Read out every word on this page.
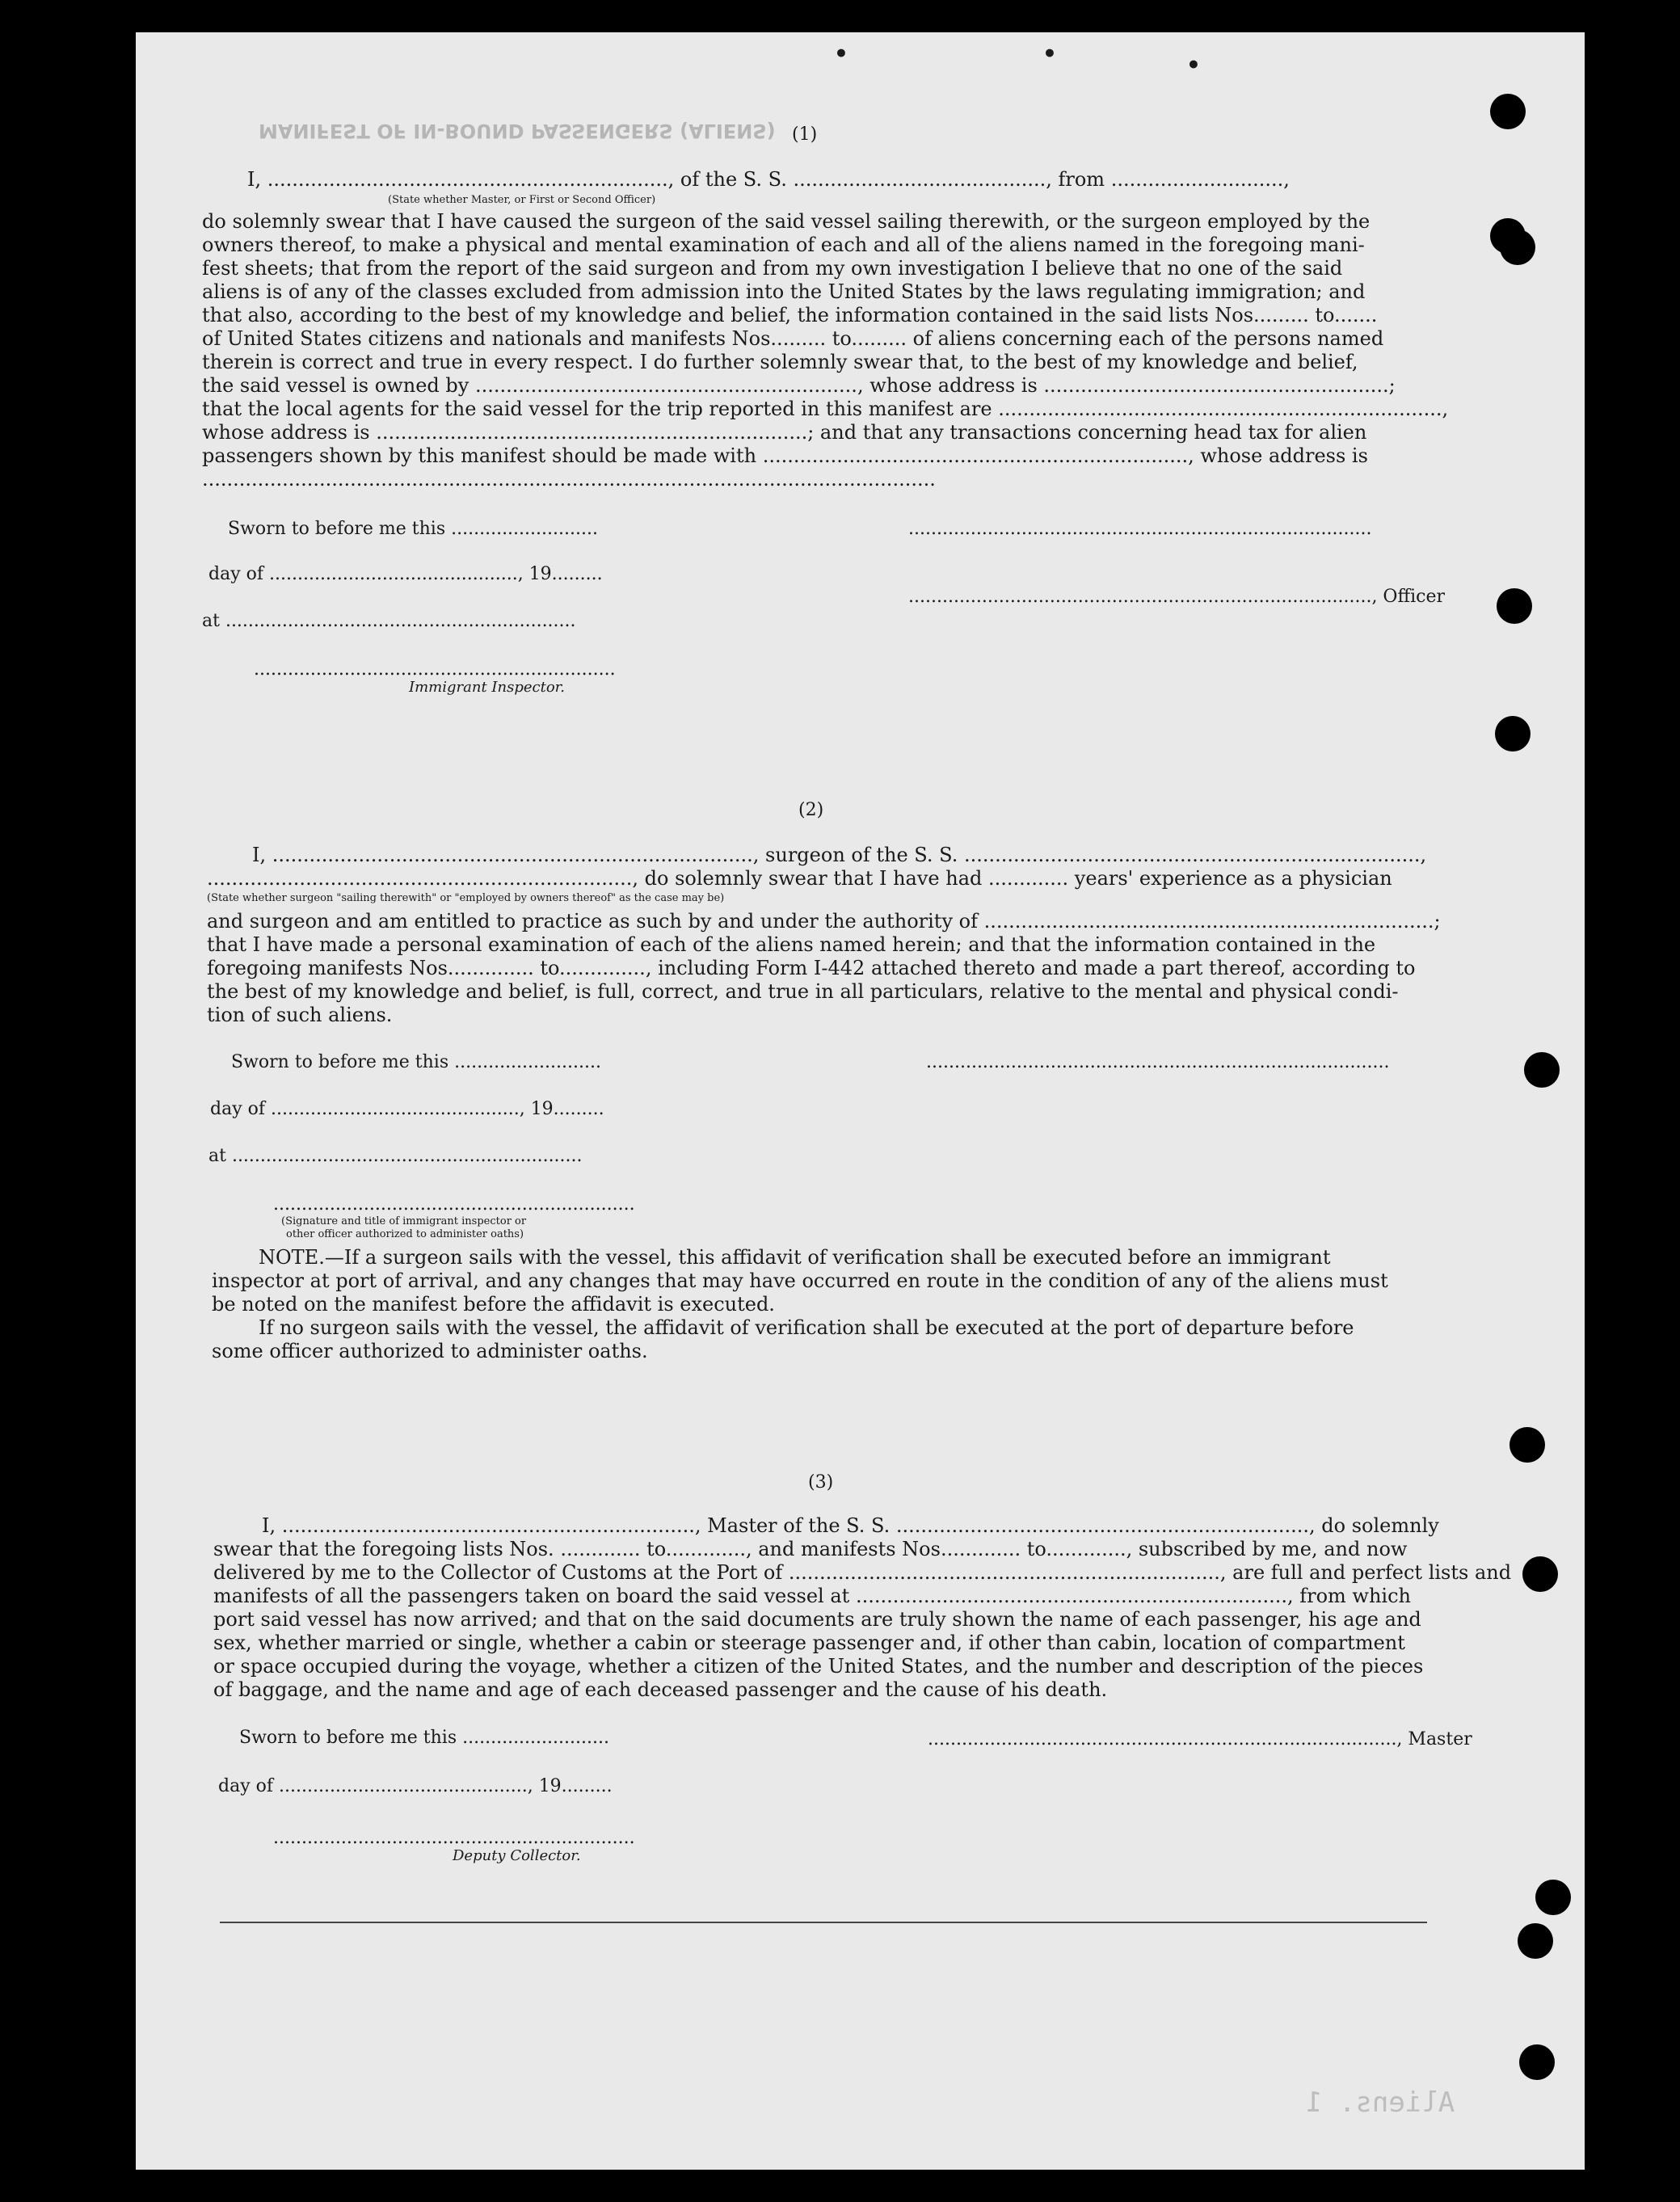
MANIFEST OF IN-BOUND PASSENGERS (ALIENS)
•	•	•
(1)
I, ................................................................., of the S. S. ........................................., from ............................,
(State whether Master, or First or Second Officer)
do solemnly swear that I have caused the surgeon of the said vessel sailing therewith, or the surgeon employed by the
owners thereof, to make a physical and mental examination of each and all of the aliens named in the foregoing mani-
fest sheets; that from the report of the said surgeon and from my own investigation I believe that no one of the said
aliens is of any of the classes excluded from admission into the United States by the laws regulating immigration; and
that also, according to the best of my knowledge and belief, the information contained in the said lists Nos......... to.......
of United States citizens and nationals and manifests Nos......... to......... of aliens concerning each of the persons named
therein is correct and true in every respect. I do further solemnly swear that, to the best of my knowledge and belief,
the said vessel is owned by .............................................................., whose address is ........................................................;
that the local agents for the said vessel for the trip reported in this manifest are ........................................................................,
whose address is ......................................................................; and that any transactions concerning head tax for alien
passengers shown by this manifest should be made with ....................................................................., whose address is
.......................................................................................................................
Sworn to before me this ..........................
day of ............................................, 19.........
at ..............................................................
................................................................
Immigrant Inspector.
..................................................................................
.................................................................................., Officer
(2)
I, .............................................................................., surgeon of the S. S. ..........................................................................,
....................................................................., do solemnly swear that I have had ............. years' experience as a physician
(State whether surgeon "sailing therewith" or "employed by owners thereof" as the case may be)
and surgeon and am entitled to practice as such by and under the authority of .........................................................................;
that I have made a personal examination of each of the aliens named herein; and that the information contained in the
foregoing manifests Nos.............. to.............., including Form I-442 attached thereto and made a part thereof, according to
the best of my knowledge and belief, is full, correct, and true in all particulars, relative to the mental and physical condi-
tion of such aliens.
Sworn to before me this ..........................
day of ............................................, 19.........
at ..............................................................
................................................................
(Signature and title of immigrant inspector or
other officer authorized to administer oaths)
..................................................................................
NOTE.—If a surgeon sails with the vessel, this affidavit of verification shall be executed before an immigrant
inspector at port of arrival, and any changes that may have occurred en route in the condition of any of the aliens must
be noted on the manifest before the affidavit is executed.
If no surgeon sails with the vessel, the affidavit of verification shall be executed at the port of departure before
some officer authorized to administer oaths.
(3)
I, ..................................................................., Master of the S. S. ..................................................................., do solemnly
swear that the foregoing lists Nos. ............. to............., and manifests Nos............. to............., subscribed by me, and now
delivered by me to the Collector of Customs at the Port of ......................................................................, are full and perfect lists and
manifests of all the passengers taken on board the said vessel at ......................................................................, from which
port said vessel has now arrived; and that on the said documents are truly shown the name of each passenger, his age and
sex, whether married or single, whether a cabin or steerage passenger and, if other than cabin, location of compartment
or space occupied during the voyage, whether a citizen of the United States, and the number and description of the pieces
of baggage, and the name and age of each deceased passenger and the cause of his death.
Sworn to before me this ..........................
day of ............................................, 19.........
................................................................
Deputy Collector.
..................................................................................., Master
Aliens. 1
